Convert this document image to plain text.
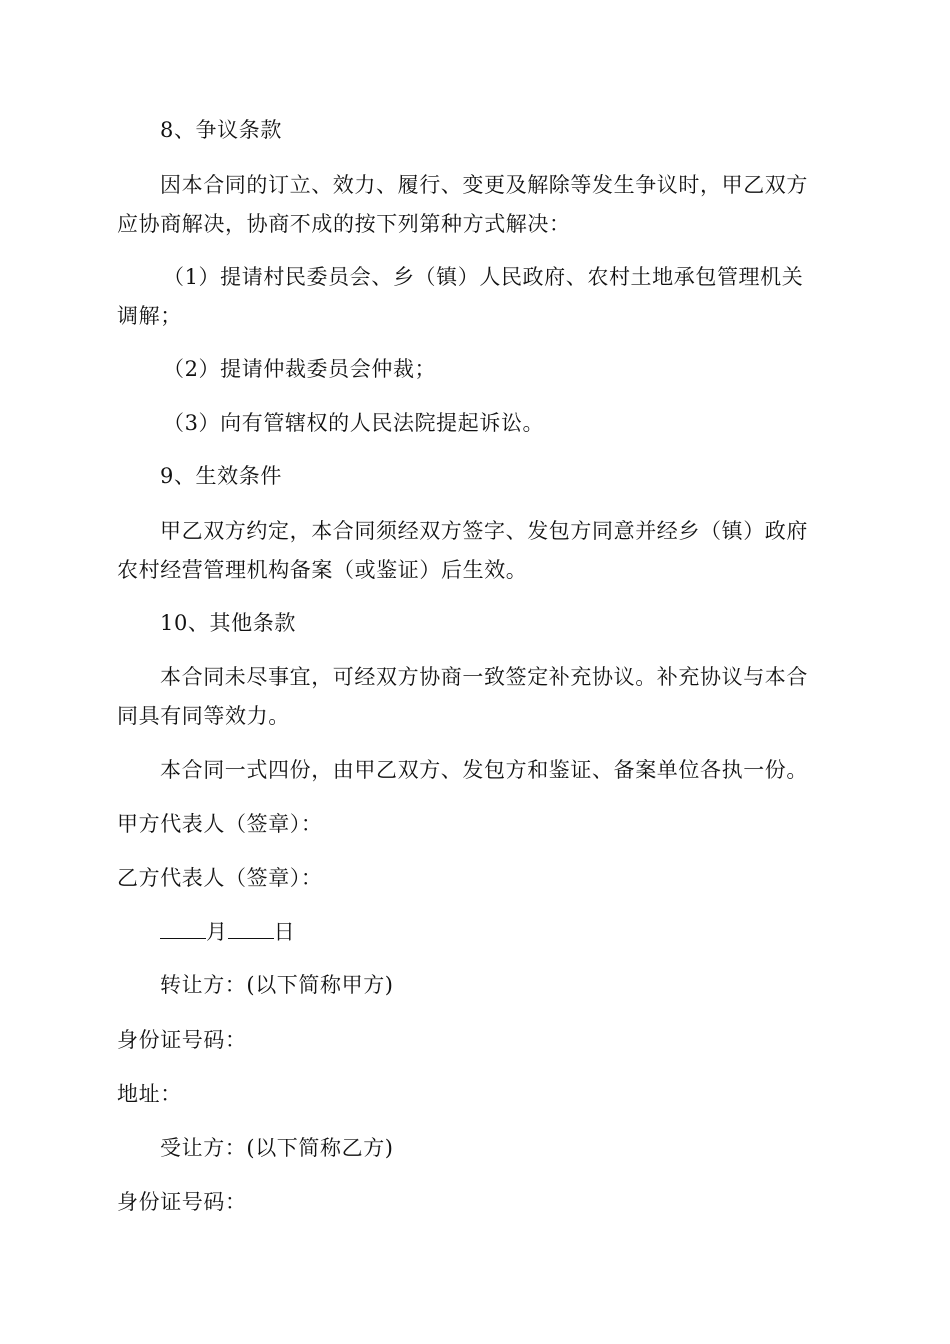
8、争议条款
因本合同的订立、效力、履行、变更及解除等发生争议时，甲乙双方
应协商解决，协商不成的按下列第种方式解决：
（1）提请村民委员会、乡（镇）人民政府、农村土地承包管理机关
调解；
（2）提请仲裁委员会仲裁；
（3）向有管辖权的人民法院提起诉讼。
9、生效条件
甲乙双方约定，本合同须经双方签字、发包方同意并经乡（镇）政府
农村经营管理机构备案（或鉴证）后生效。
10、其他条款
本合同未尽事宜，可经双方协商一致签定补充协议。补充协议与本合
同具有同等效力。
本合同一式四份，由甲乙双方、发包方和鉴证、备案单位各执一份。
甲方代表人（签章）：
乙方代表人（签章）：
月 日
转让方：(以下简称甲方)
身份证号码：
地址：
受让方：(以下简称乙方)
身份证号码：
